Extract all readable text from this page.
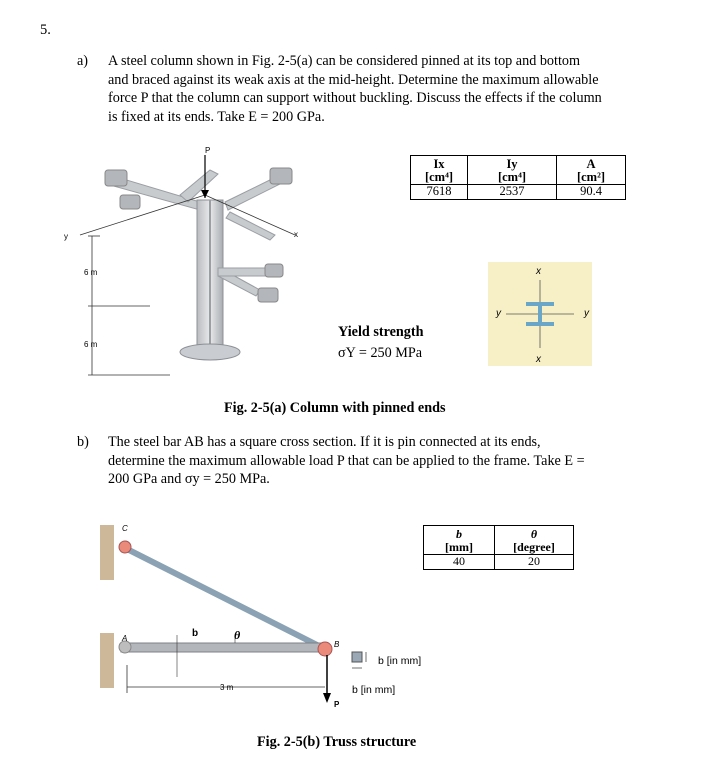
5.
a) A steel column shown in Fig. 2-5(a) can be considered pinned at its top and bottom
and braced against its weak axis at the mid-height. Determine the maximum allowable
force P that the column can support without buckling. Discuss the effects if the column
is fixed at its ends. Take E = 200 GPa.
P
x
y
6 m
6 m
Ix	Iy	A
[cm⁴]	[cm⁴]	[cm²]
7618	2537	90.4
Yield strength
σY = 250 MPa
x
x
y	y
Fig. 2-5(a) Column with pinned ends
b) The steel bar AB has a square cross section. If it is pin connected at its ends,
determine the maximum allowable load P that can be applied to the frame. Take E =
200 GPa and σy = 250 MPa.
b	θ
[mm]	[degree]
40	20
C
A
B
b	θ
3 m
P
b [in mm]
b [in mm]
Fig. 2-5(b) Truss structure
